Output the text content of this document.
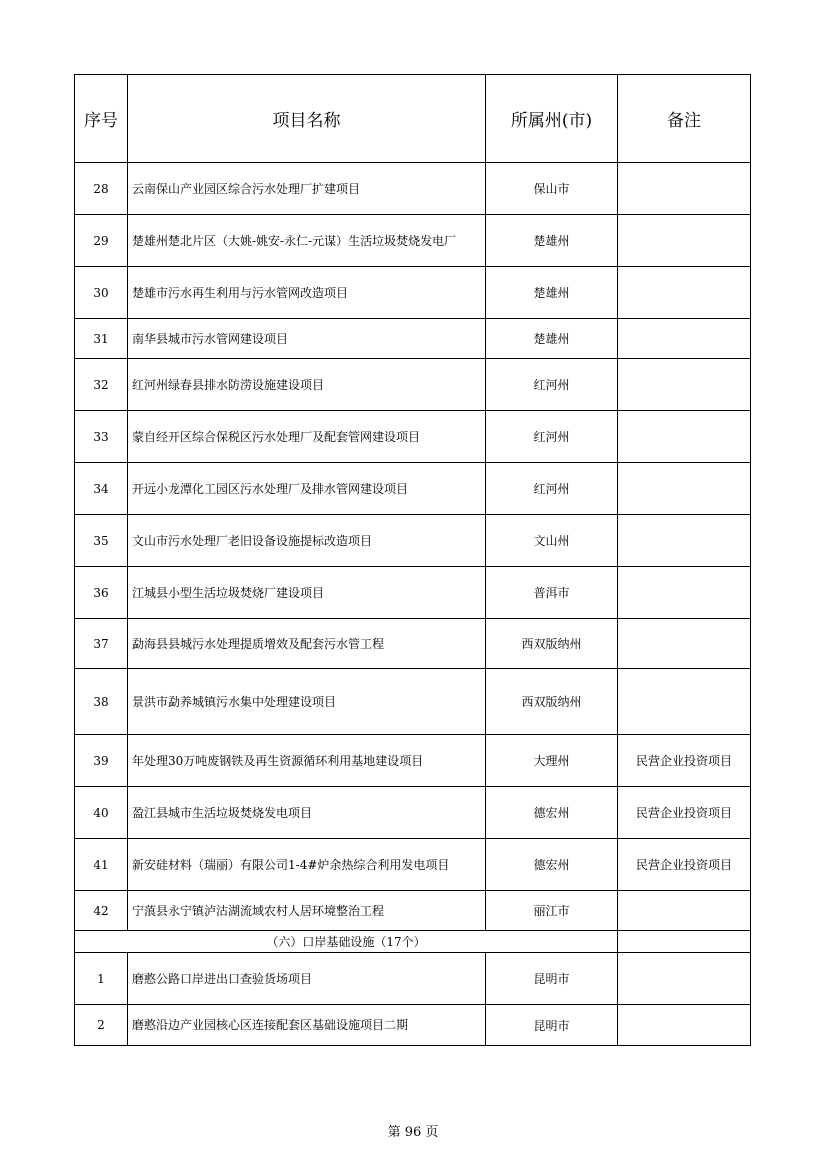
序号	项目名称	所属州(市)	备注
28	云南保山产业园区综合污水处理厂扩建项目	保山市	
29	楚雄州楚北片区（大姚-姚安-永仁-元谋）生活垃圾焚烧发电厂	楚雄州	
30	楚雄市污水再生利用与污水管网改造项目	楚雄州	
31	南华县城市污水管网建设项目	楚雄州	
32	红河州绿春县排水防涝设施建设项目	红河州	
33	蒙自经开区综合保税区污水处理厂及配套管网建设项目	红河州	
34	开远小龙潭化工园区污水处理厂及排水管网建设项目	红河州	
35	文山市污水处理厂老旧设备设施提标改造项目	文山州	
36	江城县小型生活垃圾焚烧厂建设项目	普洱市	
37	勐海县县城污水处理提质增效及配套污水管工程	西双版纳州	
38	景洪市勐养城镇污水集中处理建设项目	西双版纳州	
39	年处理30万吨废钢铁及再生资源循环利用基地建设项目	大理州	民营企业投资项目
40	盈江县城市生活垃圾焚烧发电项目	德宏州	民营企业投资项目
41	新安硅材料（瑞丽）有限公司1-4#炉余热综合利用发电项目	德宏州	民营企业投资项目
42	宁蒗县永宁镇泸沽湖流域农村人居环境整治工程	丽江市	
（六）口岸基础设施（17个）			
1	磨憨公路口岸进出口查验货场项目	昆明市	
2	磨憨沿边产业园核心区连接配套区基础设施项目二期	昆明市	
第 96 页
